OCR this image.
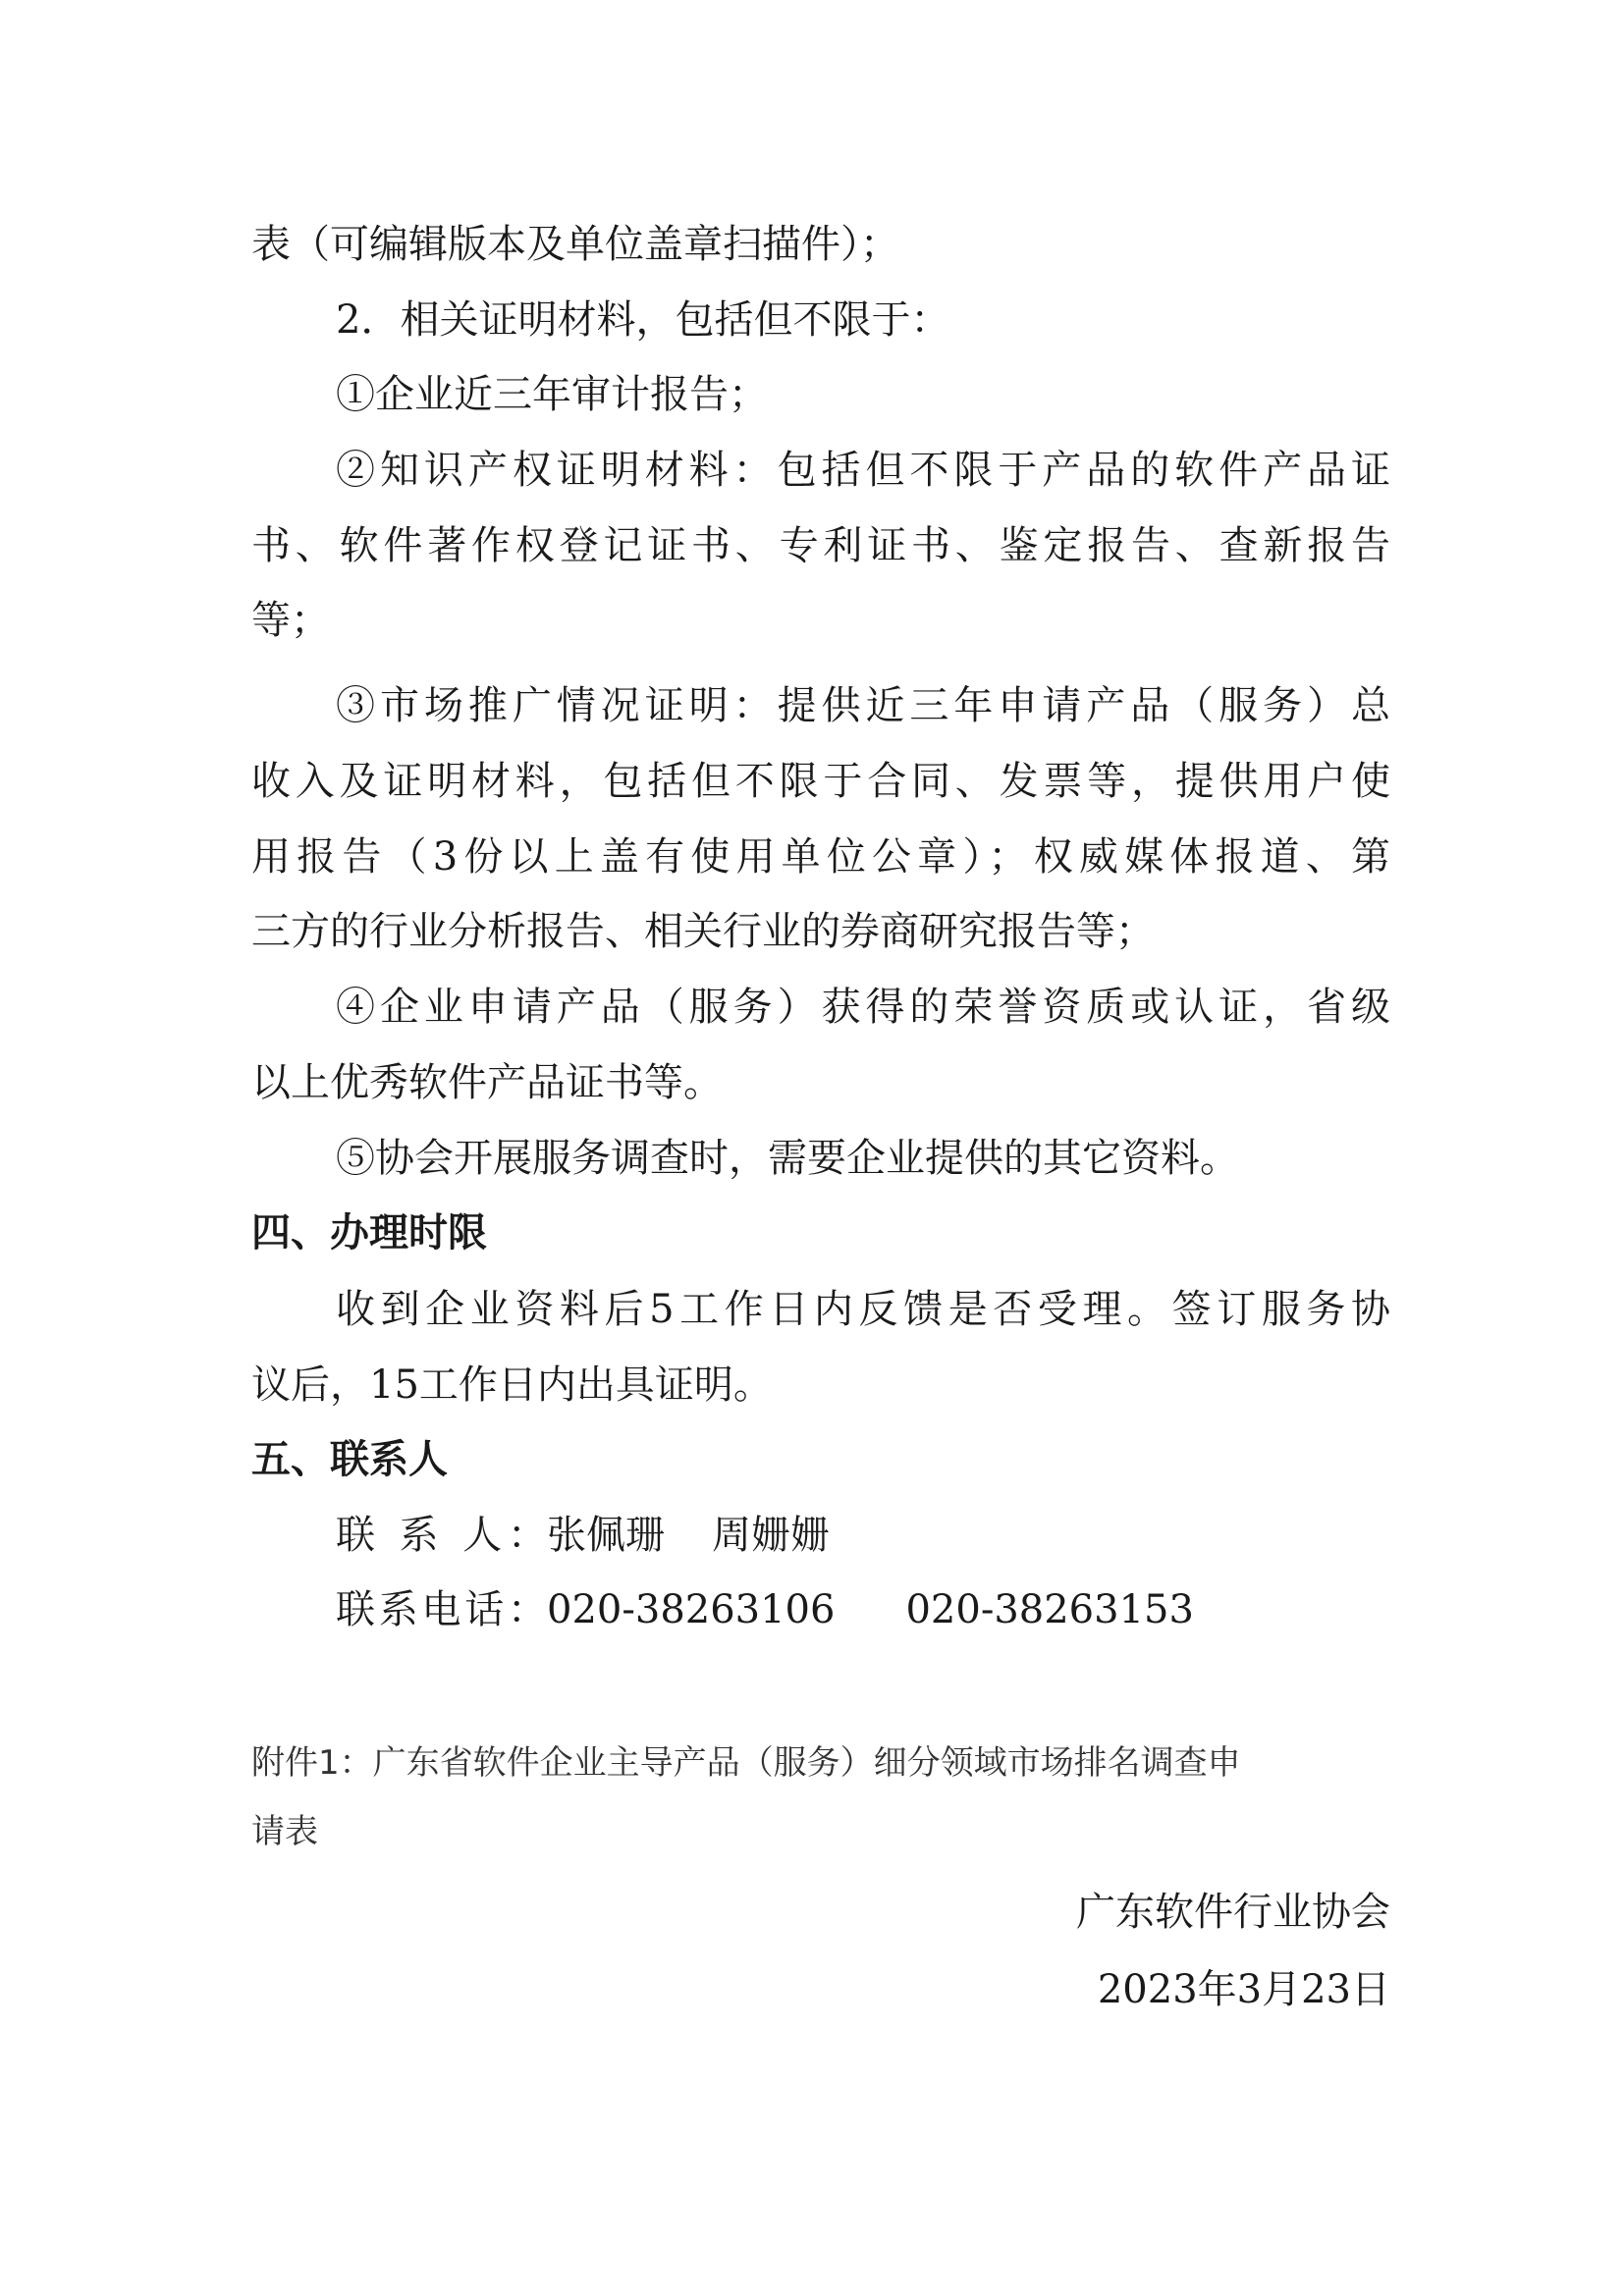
表（可编辑版本及单位盖章扫描件）；
2．相关证明材料，包括但不限于：
①企业近三年审计报告；
②知识产权证明材料：包括但不限于产品的软件产品证
书、软件著作权登记证书、专利证书、鉴定报告、查新报告
等；
③市场推广情况证明：提供近三年申请产品（服务）总
收入及证明材料，包括但不限于合同、发票等，提供用户使
用报告（3份以上盖有使用单位公章）；权威媒体报道、第
三方的行业分析报告、相关行业的券商研究报告等；
④企业申请产品（服务）获得的荣誉资质或认证，省级
以上优秀软件产品证书等。
⑤协会开展服务调查时，需要企业提供的其它资料。
四、办理时限
收到企业资料后5工作日内反馈是否受理。签订服务协
议后，15工作日内出具证明。
五、联系人
联 系 人：张佩珊 周姗姗
联系电话：020-38263106 020-38263153
附件1：广东省软件企业主导产品（服务）细分领域市场排名调查申
请表
广东软件行业协会
2023年3月23日
